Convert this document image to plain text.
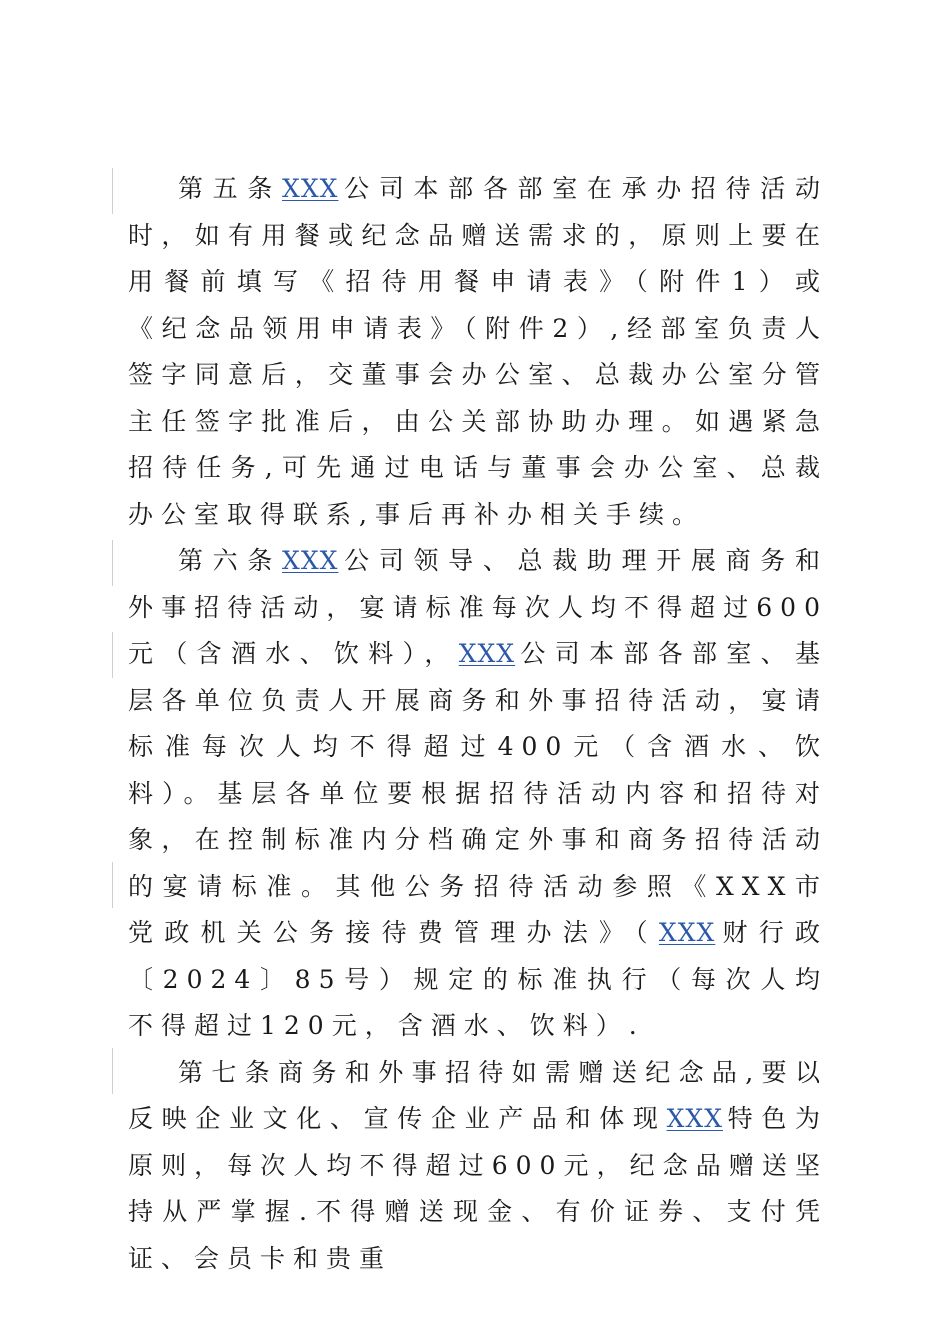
第五条XXX 公司本部各部室在承办招待活动时，如有用餐或纪念品赠送需求的，原则上要在用餐前填写《招待用餐申请表》（附件1）或《纪念品领用申请表》（附件2）,经部室负责人签字同意后，交董事会办公室、总裁办公室分管主任签字批准后，由公关部协助办理。如遇紧急招待任务,可先通过电话与董事会办公室、总裁办公室取得联系,事后再补办相关手续。

第六条XXX 公司领导、总裁助理开展商务和外事招待活动，宴请标准每次人均不得超过600元（含酒水、饮料），XXX 公司本部各部室、基层各单位负责人开展商务和外事招待活动，宴请标准每次人均不得超过400元（含酒水、饮料）。基层各单位要根据招待活动内容和招待对象，在控制标准内分档确定外事和商务招待活动的宴请标准。其他公务招待活动参照《XXX市党政机关公务接待费管理办法》（XXX 财行政〔2024〕85号）规定的标准执行（每次人均不得超过120元，含酒水、饮料）.

第七条商务和外事招待如需赠送纪念品,要以反映企业文化、宣传企业产品和体现XXX 特色为原则，每次人均不得超过600元，纪念品赠送坚持从严掌握.不得赠送现金、有价证券、支付凭证、会员卡和贵重
